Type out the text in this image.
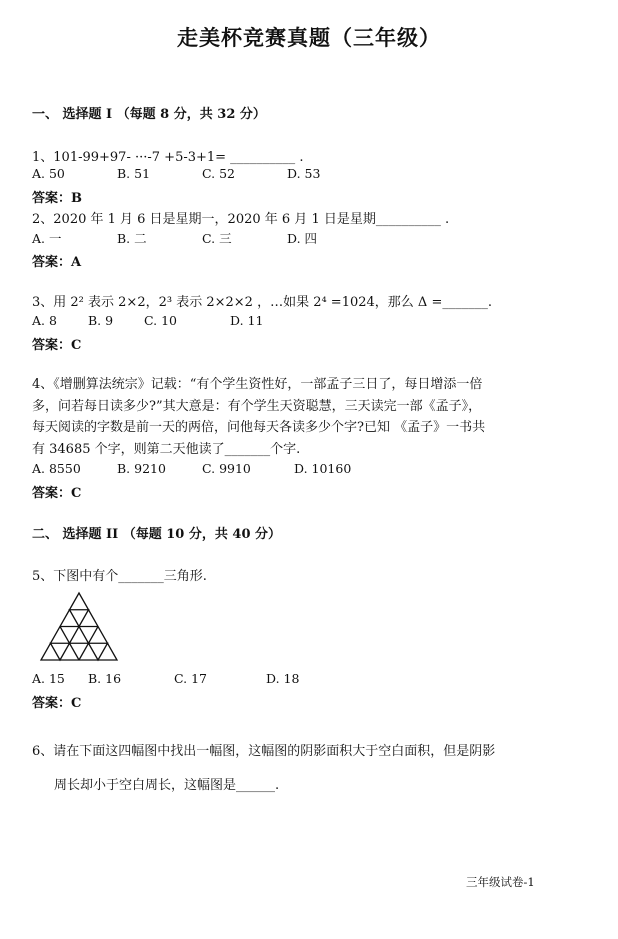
走美杯竞赛真题（三年级）
一、 选择题 I （每题 8 分，共 32 分）
1、101-99+97- ···-7 +5-3+1= __________ .
A. 50	B. 51	C. 52	D. 53
答案：B
2、2020 年 1 月 6 日是星期一，2020 年 6 月 1 日是星期__________ .
A. 一	B. 二	C. 三	D. 四
答案：A
3、用 2² 表示 2×2，2³ 表示 2×2×2 ，…如果 2⁴ =1024，那么 Δ =_______.
A. 8 B. 9 C. 10	D. 11
答案：C
4、《增删算法统宗》记载：“有个学生资性好，一部孟子三日了，每日增添一倍
多，问若每日读多少?”其大意是：有个学生天资聪慧，三天读完一部《孟子》，
每天阅读的字数是前一天的两倍，问他每天各读多少个字?已知 《孟子》一书共
有 34685 个字，则第二天他读了_______个字.
A. 8550	B. 9210	C. 9910	D. 10160
答案：C
二、 选择题 II （每题 10 分，共 40 分）
5、下图中有个_______三角形.
A. 15 B. 16	C. 17	D. 18
答案：C
6、请在下面这四幅图中找出一幅图，这幅图的阴影面积大于空白面积，但是阴影
周长却小于空白周长，这幅图是______.
三年级试卷-1
